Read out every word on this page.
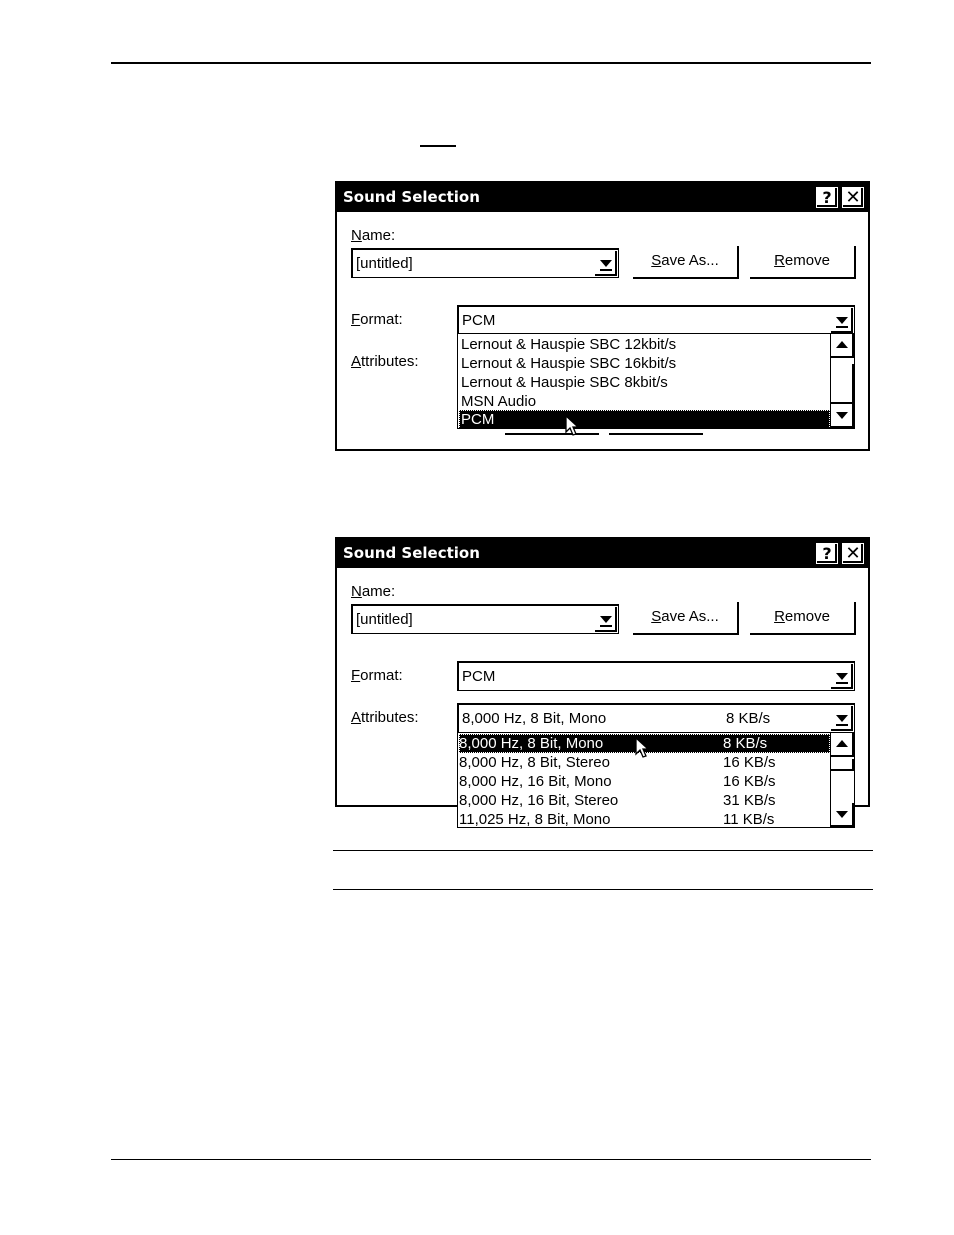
Sound Selection	? ✕
Name:
[untitled]	Save As...	Remove
Format:	PCM
Attributes:
Lernout & Hauspie SBC 12kbit/s
Lernout & Hauspie SBC 16kbit/s
Lernout & Hauspie SBC 8kbit/s
MSN Audio
PCM
Sound Selection	? ✕
Name:
[untitled]	Save As...	Remove
Format:	PCM
Attributes:	8,000 Hz, 8 Bit, Mono	8 KB/s
8,000 Hz, 8 Bit, Mono	8 KB/s
8,000 Hz, 8 Bit, Stereo	16 KB/s
8,000 Hz, 16 Bit, Mono	16 KB/s
8,000 Hz, 16 Bit, Stereo	31 KB/s
11,025 Hz, 8 Bit, Mono	11 KB/s
